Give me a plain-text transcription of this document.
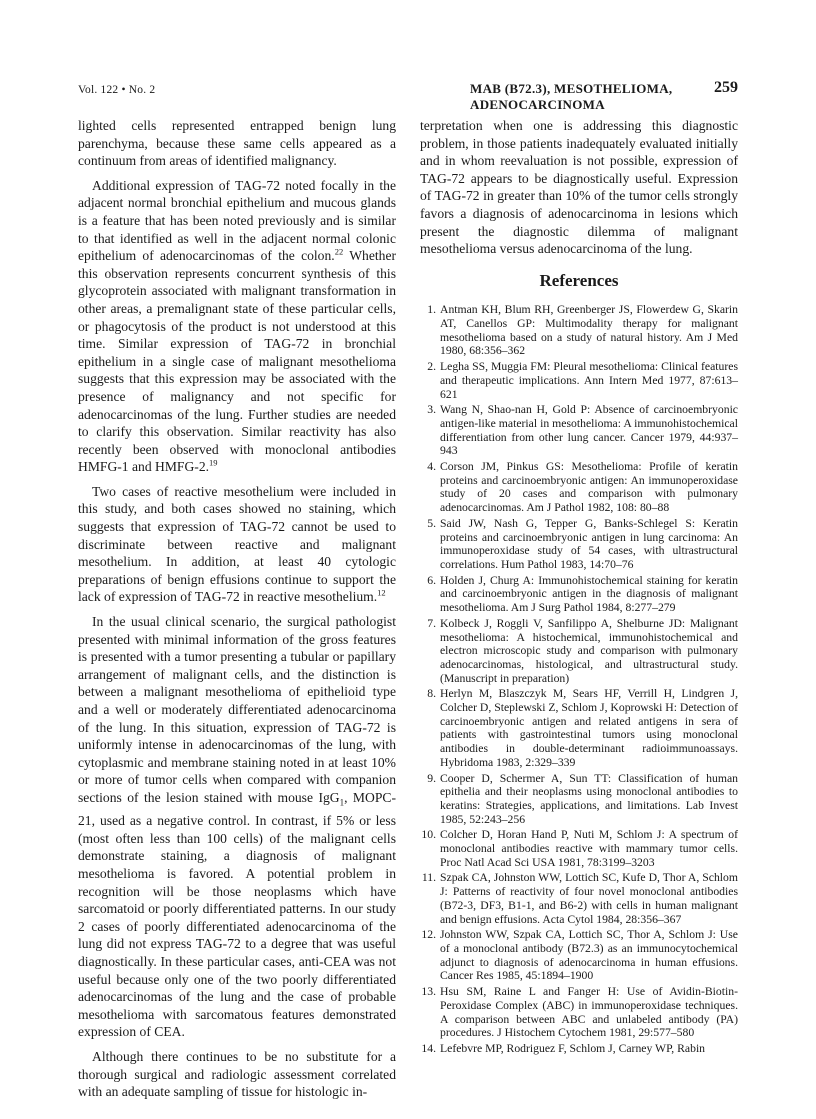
Vol. 122 • No. 2	MAB (B72.3), MESOTHELIOMA, ADENOCARCINOMA
259

lighted cells represented entrapped benign lung parenchyma, because these same cells appeared as a continuum from areas of identified malignancy.

Additional expression of TAG-72 noted focally in the adjacent normal bronchial epithelium and mucous glands is a feature that has been noted previously and is similar to that identified as well in the adjacent normal colonic epithelium of adenocarcinomas of the colon.$^{22}$ Whether this observation represents concurrent synthesis of this glycoprotein associated with malignant transformation in other areas, a premalignant state of these particular cells, or phagocytosis of the product is not understood at this time. Similar expression of TAG-72 in bronchial epithelium in a single case of malignant mesothelioma suggests that this expression may be associated with the presence of malignancy and not specific for adenocarcinomas of the lung. Further studies are needed to clarify this observation. Similar reactivity has also recently been observed with monoclonal antibodies HMFG-1 and HMFG-2.19

Two cases of reactive mesothelium were included in this study, and both cases showed no staining, which suggests that expression of TAG-72 cannot be used to discriminate between reactive and malignant mesothelium. In addition, at least 40 cytologic preparations of benign effusions continue to support the lack of expression of TAG-72 in reactive mesothelium.$^{12}$

In the usual clinical scenario, the surgical pathologist presented with minimal information of the gross features is presented with a tumor presenting a tubular or papillary arrangement of malignant cells, and the distinction is between a malignant mesothelioma of epithelioid type and a well or moderately differentiated adenocarcinoma of the lung. In this situation, expression of TAG-72 is uniformly intense in adenocarcinomas of the lung, with cytoplasmic and membrane staining noted in at least 10% or more of tumor cells when compared with companion sections of the lesion stained with mouse IgG$_1$, MOPC-21, used as a negative control. In contrast, if 5% or less (most often less than 100 cells) of the malignant cells demonstrate staining, a diagnosis of malignant mesothelioma is favored. A potential problem in recognition will be those neoplasms which have sarcomatoid or poorly differentiated patterns. In our study 2 cases of poorly differentiated adenocarcinoma of the lung did not express TAG-72 to a degree that was useful diagnostically. In these particular cases, anti-CEA was not useful because only one of the two poorly differentiated adenocarcinomas of the lung and the case of probable mesothelioma with sarcomatous features demonstrated expression of CEA.

Although there continues to be no substitute for a thorough surgical and radiologic assessment correlated with an adequate sampling of tissue for histologic in-

terpretation when one is addressing this diagnostic problem, in those patients inadequately evaluated initially and in whom reevaluation is not possible, expression of TAG-72 appears to be diagnostically useful. Expression of TAG-72 in greater than 10% of the tumor cells strongly favors a diagnosis of adenocarcinoma in lesions which present the diagnostic dilemma of malignant mesothelioma versus adenocarcinoma of the lung.

References
1. Antman KH, Blum RH, Greenberger JS, Flowerdew G, Skarin AT, Canellos GP: Multimodality therapy for malignant mesothelioma based on a study of natural history. Am J Med 1980, 68:356–362
2. Legha SS, Muggia FM: Pleural mesothelioma: Clinical features and therapeutic implications. Ann Intern Med 1977, 87:613–621
3. Wang N, Shao-nan H, Gold P: Absence of carcinoembryonic antigen-like material in mesothelioma: A immunohistochemical differentiation from other lung cancer. Cancer 1979, 44:937–943
4. Corson JM, Pinkus GS: Mesothelioma: Profile of keratin proteins and carcinoembryonic antigen: An immunoperoxidase study of 20 cases and comparison with pulmonary adenocarcinomas. Am J Pathol 1982, 108: 80–88
5. Said JW, Nash G, Tepper G, Banks-Schlegel S: Keratin proteins and carcinoembryonic antigen in lung carcinoma: An immunoperoxidase study of 54 cases, with ultrastructural correlations. Hum Pathol 1983, 14:70–76
6. Holden J, Churg A: Immunohistochemical staining for keratin and carcinoembryonic antigen in the diagnosis of malignant mesothelioma. Am J Surg Pathol 1984, 8:277–279
7. Kolbeck J, Roggli V, Sanfilippo A, Shelburne JD: Malignant mesothelioma: A histochemical, immunohistochemical and electron microscopic study and comparison with pulmonary adenocarcinomas, histological, and ultrastructural study. (Manuscript in preparation)
8. Herlyn M, Blaszczyk M, Sears HF, Verrill H, Lindgren J, Colcher D, Steplewski Z, Schlom J, Koprowski H: Detection of carcinoembryonic antigen and related antigens in sera of patients with gastrointestinal tumors using monoclonal antibodies in double-determinant radioimmunoassays. Hybridoma 1983, 2:329–339
9. Cooper D, Schermer A, Sun TT: Classification of human epithelia and their neoplasms using monoclonal antibodies to keratins: Strategies, applications, and limitations. Lab Invest 1985, 52:243–256
10. Colcher D, Horan Hand P, Nuti M, Schlom J: A spectrum of monoclonal antibodies reactive with mammary tumor cells. Proc Natl Acad Sci USA 1981, 78:3199–3203
11. Szpak CA, Johnston WW, Lottich SC, Kufe D, Thor A, Schlom J: Patterns of reactivity of four novel monoclonal antibodies (B72-3, DF3, B1-1, and B6-2) with cells in human malignant and benign effusions. Acta Cytol 1984, 28:356–367
12. Johnston WW, Szpak CA, Lottich SC, Thor A, Schlom J: Use of a monoclonal antibody (B72.3) as an immunocytochemical adjunct to diagnosis of adenocarcinoma in human effusions. Cancer Res 1985, 45:1894–1900
13. Hsu SM, Raine L and Fanger H: Use of Avidin-Biotin-Peroxidase Complex (ABC) in immunoperoxidase techniques. A comparison between ABC and unlabeled antibody (PA) procedures. J Histochem Cytochem 1981, 29:577–580
14. Lefebvre MP, Rodriguez F, Schlom J, Carney WP, Rabin
